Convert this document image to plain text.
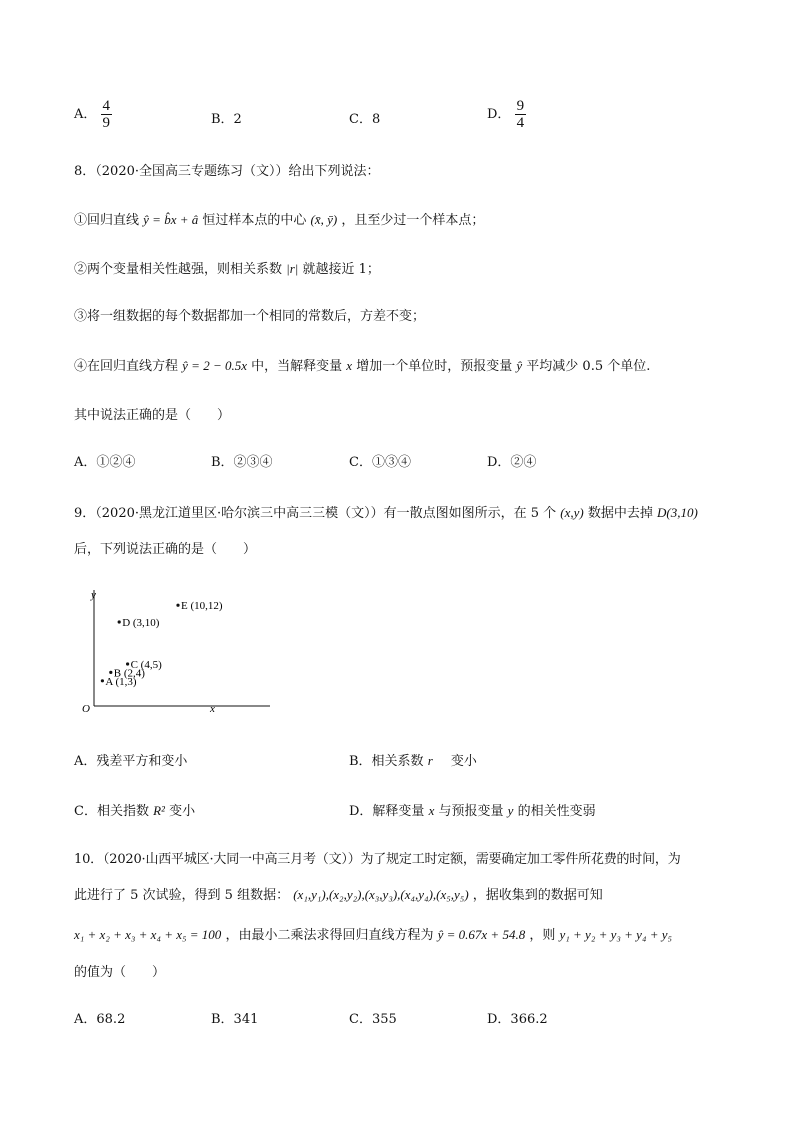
A． $\frac{4}{9}$	B．2	C．8	D． $\frac{9}{4}$
8．（2020·全国高三专题练习（文））给出下列说法：
①回归直线 ŷ = b̂x + â 恒过样本点的中心 (x̄, ȳ) ，且至少过一个样本点；
②两个变量相关性越强，则相关系数 |r| 就越接近 1；
③将一组数据的每个数据都加一个相同的常数后，方差不变；
④在回归直线方程 ŷ = 2 − 0.5x 中，当解释变量 x 增加一个单位时，预报变量 ŷ 平均减少 0.5 个单位.
其中说法正确的是（　　）
A．①②④	B．②③④	C．①③④	D．②④
9．（2020·黑龙江道里区·哈尔滨三中高三三模（文））有一散点图如图所示，在 5 个 (x,y) 数据中去掉 D(3,10)
后，下列说法正确的是（　　）
O	x
y
A (1,3)
B (2,4)
C (4,5)
D (3,10)
E (10,12)
A．残差平方和变小	B．相关系数 r 变小
C．相关指数 R² 变小	D．解释变量 x 与预报变量 y 的相关性变弱
10．（2020·山西平城区·大同一中高三月考（文））为了规定工时定额，需要确定加工零件所花费的时间，为
此进行了 5 次试验，得到 5 组数据： (x₁,y₁),(x₂,y₂),(x₃,y₃),(x₄,y₄),(x₅,y₅) ，据收集到的数据可知
x₁ + x₂ + x₃ + x₄ + x₅ = 100 ，由最小二乘法求得回归直线方程为 ŷ = 0.67x + 54.8 ，则 y₁ + y₂ + y₃ + y₄ + y₅
的值为（　　）
A．68.2	B．341	C．355	D．366.2
